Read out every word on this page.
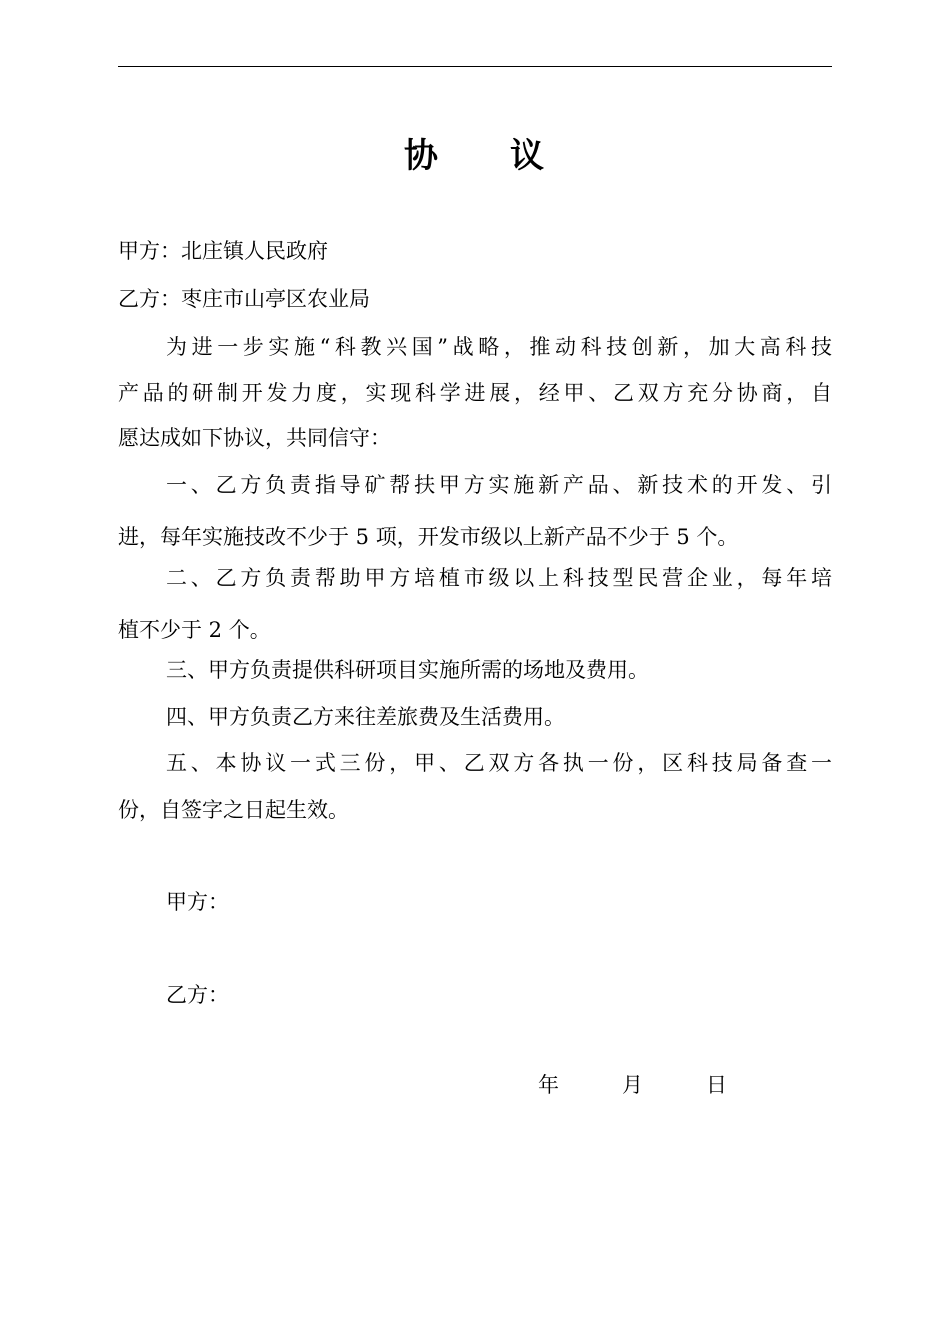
协 议
甲方：北庄镇人民政府
乙方：枣庄市山亭区农业局
为进一步实施“科教兴国”战略，推动科技创新，加大高科技
产品的研制开发力度，实现科学进展，经甲、乙双方充分协商，自
愿达成如下协议，共同信守：
一、乙方负责指导矿帮扶甲方实施新产品、新技术的开发、引
进，每年实施技改不少于 5 项，开发市级以上新产品不少于 5 个。
二、乙方负责帮助甲方培植市级以上科技型民营企业，每年培
植不少于 2 个。
三、甲方负责提供科研项目实施所需的场地及费用。
四、甲方负责乙方来往差旅费及生活费用。
五、本协议一式三份，甲、乙双方各执一份，区科技局备查一
份，自签字之日起生效。
甲方：
乙方：
年	月	日
